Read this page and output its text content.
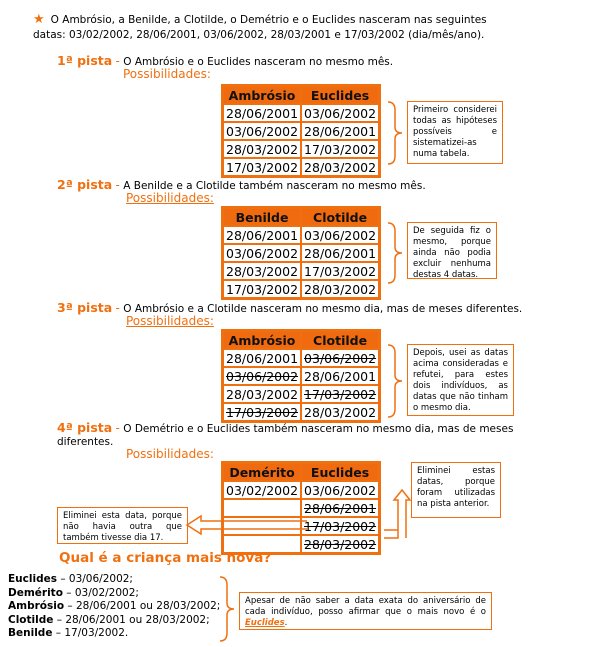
★ O Ambrósio, a Benilde, a Clotilde, o Demétrio e o Euclides nasceram nas seguintes
datas: 03/02/2002, 28/06/2001, 03/06/2002, 28/03/2001 e 17/03/2002 (dia/mês/ano).
1ª pista - O Ambrósio e o Euclides nasceram no mesmo mês.
Possibilidades:
Ambrósio	Euclides
28/06/2001	03/06/2002
03/06/2002	28/06/2001
28/03/2002	17/03/2002
17/03/2002	28/03/2002
Primeiro considerei todas as hipóteses possíveis e sistematizei-as numa tabela.
2ª pista - A Benilde e a Clotilde também nasceram no mesmo mês.
Possibilidades:
Benilde	Clotilde
28/06/2001	03/06/2002
03/06/2002	28/06/2001
28/03/2002	17/03/2002
17/03/2002	28/03/2002
De seguida fiz o mesmo, porque ainda não podia excluir nenhuma destas 4 datas.
3ª pista - O Ambrósio e a Clotilde nasceram no mesmo dia, mas de meses diferentes.
Possibilidades:
Ambrósio	Clotilde
28/06/2001	03/06/2002
03/06/2002	28/06/2001
28/03/2002	17/03/2002
17/03/2002	28/03/2002
Depois, usei as datas acima consideradas e refutei, para estes dois indivíduos, as datas que não tinham o mesmo dia.
4ª pista - O Demétrio e o Euclides também nasceram no mesmo dia, mas de meses
diferentes.
Possibilidades:
Demérito	Euclides
03/02/2002	03/06/2002
	28/06/2001
	17/03/2002
	28/03/2002
Eliminei estas datas, porque foram utilizadas na pista anterior.
Eliminei esta data, porque não havia outra que também tivesse dia 17.
Qual é a criança mais nova?
Euclides – 03/06/2002;
Demérito – 03/02/2002;
Ambrósio – 28/06/2001 ou 28/03/2002;
Clotilde – 28/06/2001 ou 28/03/2002;
Benilde – 17/03/2002.
Apesar de não saber a data exata do aniversário de cada indivíduo, posso afirmar que o mais novo é o Euclides.
